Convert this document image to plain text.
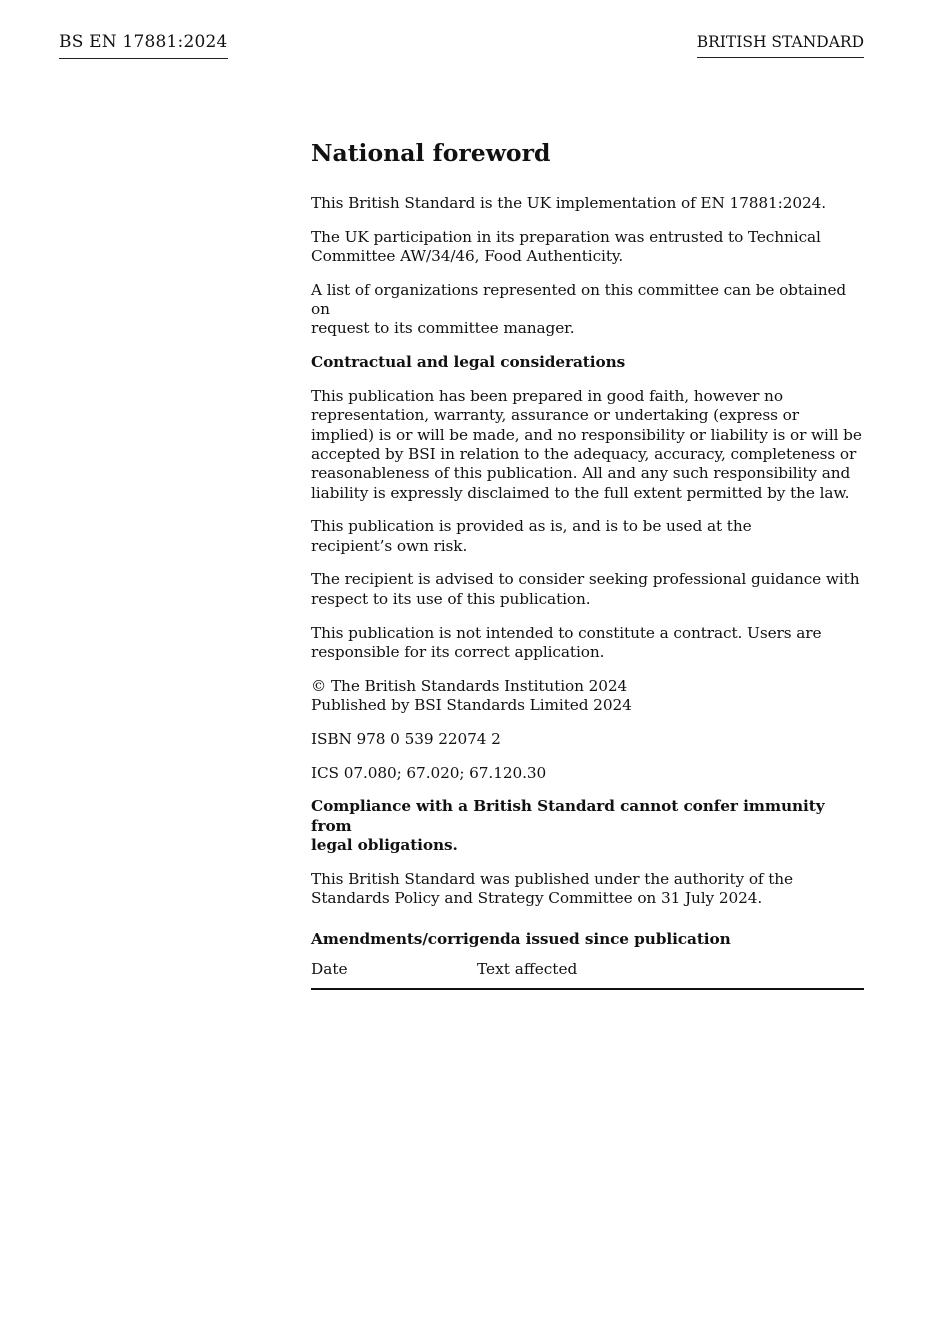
BS EN 17881:2024	BRITISH STANDARD
National foreword

This British Standard is the UK implementation of EN 17881:2024.

The UK participation in its preparation was entrusted to Technical
Committee AW/34/46, Food Authenticity.

A list of organizations represented on this committee can be obtained on
request to its committee manager.

Contractual and legal considerations

This publication has been prepared in good faith, however no
representation, warranty, assurance or undertaking (express or
implied) is or will be made, and no responsibility or liability is or will be
accepted by BSI in relation to the adequacy, accuracy, completeness or
reasonableness of this publication. All and any such responsibility and
liability is expressly disclaimed to the full extent permitted by the law.

This publication is provided as is, and is to be used at the
recipient’s own risk.

The recipient is advised to consider seeking professional guidance with
respect to its use of this publication.

This publication is not intended to constitute a contract. Users are
responsible for its correct application.

© The British Standards Institution 2024
Published by BSI Standards Limited 2024

ISBN 978 0 539 22074 2

ICS 07.080; 67.020; 67.120.30

Compliance with a British Standard cannot confer immunity from
legal obligations.

This British Standard was published under the authority of the
Standards Policy and Strategy Committee on 31 July 2024.

Amendments/corrigenda issued since publication

Date	Text affected
